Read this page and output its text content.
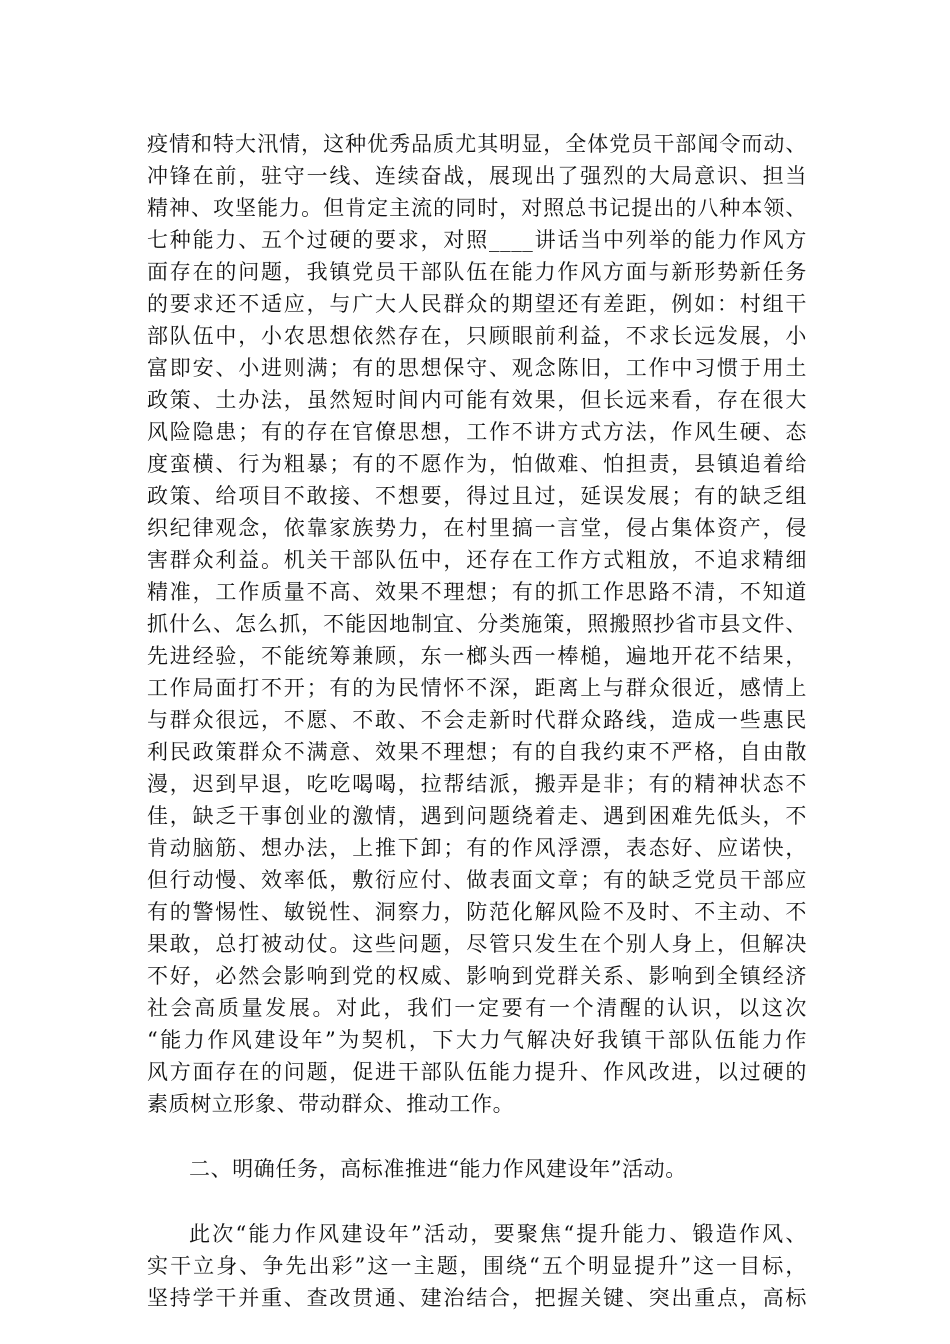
疫情和特大汛情，这种优秀品质尤其明显，全体党员干部闻令而动、
冲锋在前，驻守一线、连续奋战，展现出了强烈的大局意识、担当
精神、攻坚能力。但肯定主流的同时，对照总书记提出的八种本领、
七种能力、五个过硬的要求，对照____讲话当中列举的能力作风方
面存在的问题，我镇党员干部队伍在能力作风方面与新形势新任务
的要求还不适应，与广大人民群众的期望还有差距，例如：村组干
部队伍中，小农思想依然存在，只顾眼前利益，不求长远发展，小
富即安、小进则满；有的思想保守、观念陈旧，工作中习惯于用土
政策、土办法，虽然短时间内可能有效果，但长远来看，存在很大
风险隐患；有的存在官僚思想，工作不讲方式方法，作风生硬、态
度蛮横、行为粗暴；有的不愿作为，怕做难、怕担责，县镇追着给
政策、给项目不敢接、不想要，得过且过，延误发展；有的缺乏组
织纪律观念，依靠家族势力，在村里搞一言堂，侵占集体资产，侵
害群众利益。机关干部队伍中，还存在工作方式粗放，不追求精细
精准，工作质量不高、效果不理想；有的抓工作思路不清，不知道
抓什么、怎么抓，不能因地制宜、分类施策，照搬照抄省市县文件、
先进经验，不能统筹兼顾，东一榔头西一棒槌，遍地开花不结果，
工作局面打不开；有的为民情怀不深，距离上与群众很近，感情上
与群众很远，不愿、不敢、不会走新时代群众路线，造成一些惠民
利民政策群众不满意、效果不理想；有的自我约束不严格，自由散
漫，迟到早退，吃吃喝喝，拉帮结派，搬弄是非；有的精神状态不
佳，缺乏干事创业的激情，遇到问题绕着走、遇到困难先低头，不
肯动脑筋、想办法，上推下卸；有的作风浮漂，表态好、应诺快，
但行动慢、效率低，敷衍应付、做表面文章；有的缺乏党员干部应
有的警惕性、敏锐性、洞察力，防范化解风险不及时、不主动、不
果敢，总打被动仗。这些问题，尽管只发生在个别人身上，但解决
不好，必然会影响到党的权威、影响到党群关系、影响到全镇经济
社会高质量发展。对此，我们一定要有一个清醒的认识，以这次
“能力作风建设年”为契机，下大力气解决好我镇干部队伍能力作
风方面存在的问题，促进干部队伍能力提升、作风改进，以过硬的
素质树立形象、带动群众、推动工作。
二、明确任务，高标准推进“能力作风建设年”活动。
此次“能力作风建设年”活动，要聚焦“提升能力、锻造作风、
实干立身、争先出彩”这一主题，围绕“五个明显提升”这一目标，
坚持学干并重、查改贯通、建治结合，把握关键、突出重点，高标
